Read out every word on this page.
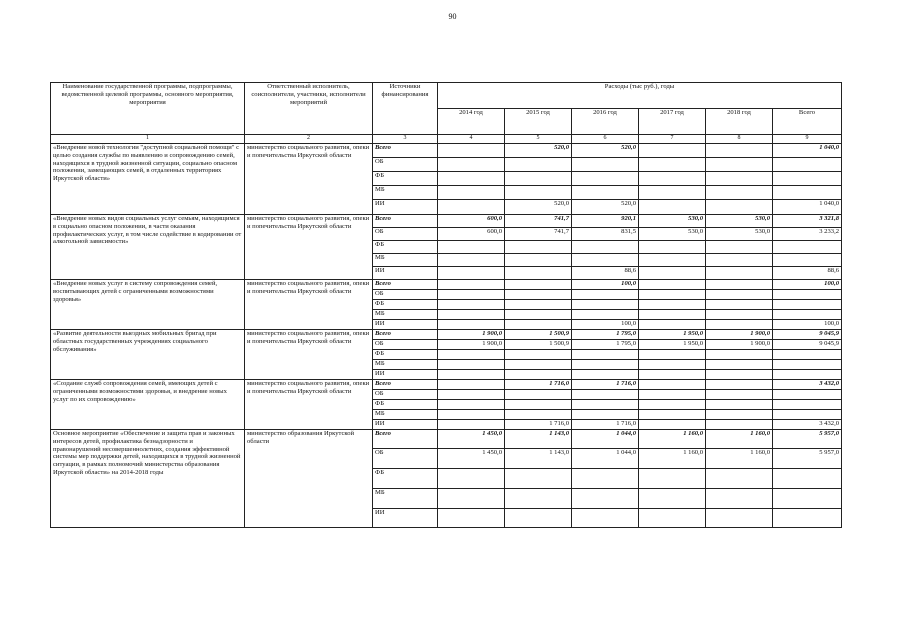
90
Наименование государственной программы, подпрограммы, ведомственной целевой программы, основного мероприятия, мероприятия	Ответственный исполнитель, соисполнители, участники, исполнители мероприятий	Источники финансирования	Расходы (тыс руб.), годы					
			2014 год	2015 год	2016 год	2017 год	2018 год	Всего
1	2	3	4	5	6	7	8	9
«Внедрение новой технологии "доступной социальной помощи" с целью создания службы по выявлению и сопровождению семей, находящихся в трудной жизненной ситуации, социально опасном положении, замещающих семей, в отдаленных территориях Иркутской области»	министерство социального развития, опеки и попечительства Иркутской области	Всего		520,0	520,0			1 040,0
		ОБ						
		ФБ						
		МБ						
		ИИ		520,0	520,0			1 040,0
«Внедрение новых видов социальных услуг семьям, находящимся в социально опасном положении, в части оказания профилактических услуг, в том числе содействие в кодировании от алкогольной зависимости»	министерство социального развития, опеки и попечительства Иркутской области	Всего	600,0	741,7	920,1	530,0	530,0	3 321,8
		ОБ	600,0	741,7	831,5	530,0	530,0	3 233,2
		ФБ						
		МБ						
		ИИ			88,6			88,6
«Внедрение новых услуг в систему сопровождения семей, воспитывающих детей с ограниченными возможностями здоровья»	министерство социального развития, опеки и попечительства Иркутской области	Всего			100,0			100,0
		ОБ						
		ФБ						
		МБ						
		ИИ			100,0			100,0
«Развитие деятельности выездных мобильных бригад при областных государственных учреждениях социального обслуживания»	министерство социального развития, опеки и попечительства Иркутской области	Всего	1 900,0	1 500,9	1 795,0	1 950,0	1 900,0	9 045,9
		ОБ	1 900,0	1 500,9	1 795,0	1 950,0	1 900,0	9 045,9
		ФБ						
		МБ						
		ИИ						
«Создание служб сопровождения семей, имеющих детей с ограниченными возможностями здоровья, и внедрение новых услуг по их сопровождению»	министерство социального развития, опеки и попечительства Иркутской области	Всего		1 716,0	1 716,0			3 432,0
		ОБ						
		ФБ						
		МБ						
		ИИ		1 716,0	1 716,0			3 432,0
Основное мероприятие «Обеспечение и защита прав и законных интересов детей, профилактика безнадзорности и правонарушений несовершеннолетних, создания эффективной системы мер поддержки детей, находящихся в трудной жизненной ситуации, в рамках полномочий министерства образования Иркутской области» на 2014-2018 годы	министерство образования Иркутской области	Всего	1 450,0	1 143,0	1 044,0	1 160,0	1 160,0	5 957,0
		ОБ	1 450,0	1 143,0	1 044,0	1 160,0	1 160,0	5 957,0
		ФБ						
		МБ						
		ИИ						
